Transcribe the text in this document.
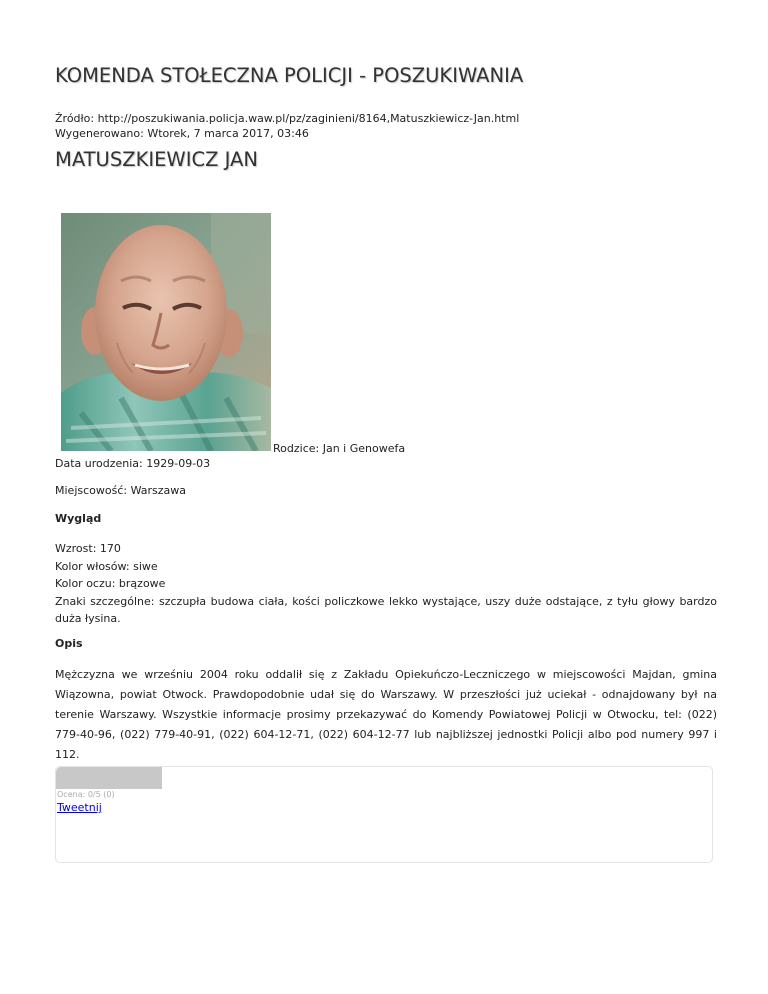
KOMENDA STOŁECZNA POLICJI - POSZUKIWANIA
Źródło: http://poszukiwania.policja.waw.pl/pz/zaginieni/8164,Matuszkiewicz-Jan.html
Wygenerowano: Wtorek, 7 marca 2017, 03:46
MATUSZKIEWICZ JAN
Rodzice: Jan i Genowefa
Data urodzenia: 1929-09-03
Miejscowość: Warszawa
Wygląd
Wzrost: 170
Kolor włosów: siwe
Kolor oczu: brązowe
Znaki szczególne: szczupła budowa ciała, kości policzkowe lekko wystające, uszy duże odstające, z tyłu głowy bardzo duża łysina.
Opis

Mężczyzna we wrześniu 2004 roku oddalił się z Zakładu Opiekuńczo-Leczniczego w miejscowości Majdan, gmina Wiązowna, powiat Otwock. Prawdopodobnie udał się do Warszawy. W przeszłości już uciekał - odnajdowany był na terenie Warszawy. Wszystkie informacje prosimy przekazywać do Komendy Powiatowej Policji w Otwocku, tel: (022) 779-40-96, (022) 779-40-91, (022) 604-12-71, (022) 604-12-77 lub najbliższej jednostki Policji albo pod numery 997 i 112.

Ocena: 0/5 (0)
Tweetnij
